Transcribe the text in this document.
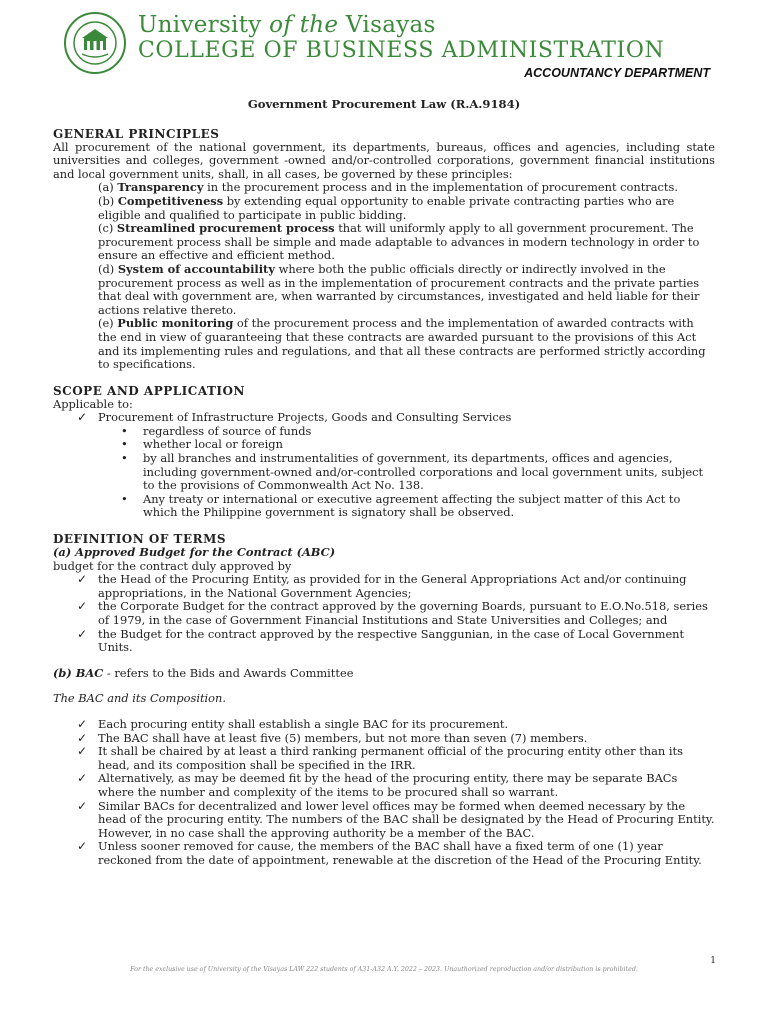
University of the Visayas
COLLEGE OF BUSINESS ADMINISTRATION
ACCOUNTANCY DEPARTMENT

Government Procurement Law (R.A.9184)

GENERAL PRINCIPLES

All procurement of the national government, its departments, bureaus, offices and agencies, including state universities and colleges, government -owned and/or-controlled corporations, government financial institutions and local government units, shall, in all cases, be governed by these principles:

(a) Transparency in the procurement process and in the implementation of procurement contracts.

(b) Competitiveness by extending equal opportunity to enable private contracting parties who are eligible and qualified to participate in public bidding.

(c) Streamlined procurement process that will uniformly apply to all government procurement. The procurement process shall be simple and made adaptable to advances in modern technology in order to ensure an effective and efficient method.

(d) System of accountability where both the public officials directly or indirectly involved in the procurement process as well as in the implementation of procurement contracts and the private parties that deal with government are, when warranted by circumstances, investigated and held liable for their actions relative thereto.

(e) Public monitoring of the procurement process and the implementation of awarded contracts with the end in view of guaranteeing that these contracts are awarded pursuant to the provisions of this Act and its implementing rules and regulations, and that all these contracts are performed strictly according to specifications.

SCOPE AND APPLICATION

Applicable to:

✓ Procurement of Infrastructure Projects, Goods and Consulting Services
• regardless of source of funds
• whether local or foreign
• by all branches and instrumentalities of government, its departments, offices and agencies, including government-owned and/or-controlled corporations and local government units, subject to the provisions of Commonwealth Act No. 138.
• Any treaty or international or executive agreement affecting the subject matter of this Act to which the Philippine government is signatory shall be observed.
DEFINITION OF TERMS

(a) Approved Budget for the Contract (ABC)

budget for the contract duly approved by

✓ the Head of the Procuring Entity, as provided for in the General Appropriations Act and/or continuing appropriations, in the National Government Agencies;
✓ the Corporate Budget for the contract approved by the governing Boards, pursuant to E.O.No.518, series of 1979, in the case of Government Financial Institutions and State Universities and Colleges; and
✓ the Budget for the contract approved by the respective Sanggunian, in the case of Local Government Units.

(b) BAC - refers to the Bids and Awards Committee

The BAC and its Composition.

✓ Each procuring entity shall establish a single BAC for its procurement.
✓ The BAC shall have at least five (5) members, but not more than seven (7) members.
✓ It shall be chaired by at least a third ranking permanent official of the procuring entity other than its head, and its composition shall be specified in the IRR.
✓ Alternatively, as may be deemed fit by the head of the procuring entity, there may be separate BACs where the number and complexity of the items to be procured shall so warrant.
✓ Similar BACs for decentralized and lower level offices may be formed when deemed necessary by the head of the procuring entity. The numbers of the BAC shall be designated by the Head of Procuring Entity. However, in no case shall the approving authority be a member of the BAC.
✓ Unless sooner removed for cause, the members of the BAC shall have a fixed term of one (1) year reckoned from the date of appointment, renewable at the discretion of the Head of the Procuring Entity.
1
For the exclusive use of University of the Visayas LAW 222 students of A31-A32 A.Y. 2022 – 2023. Unauthorized reproduction and/or distribution is prohibited.
